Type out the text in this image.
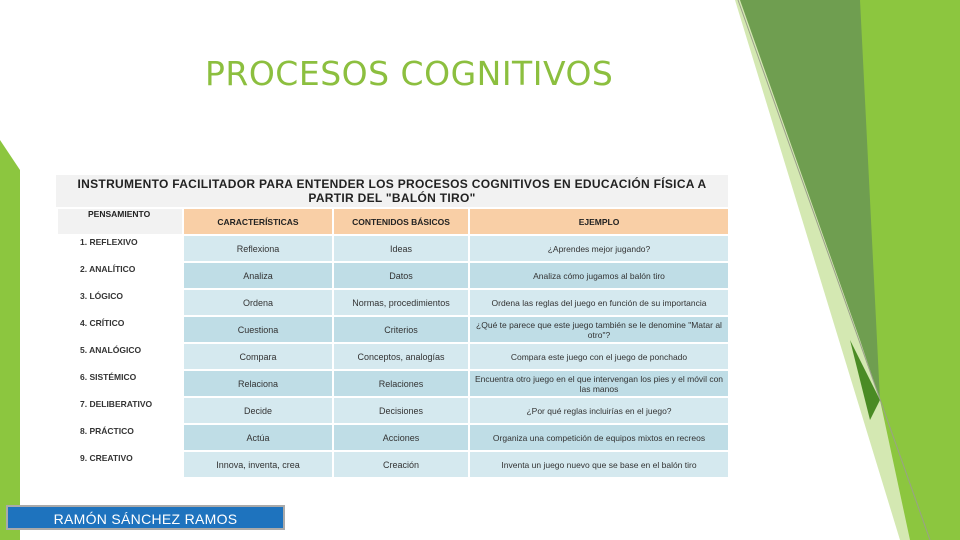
PROCESOS COGNITIVOS
INSTRUMENTO FACILITADOR PARA ENTENDER LOS PROCESOS COGNITIVOS EN EDUCACIÓN FÍSICA A PARTIR DEL "BALÓN TIRO"
PENSAMIENTO	CARACTERÍSTICAS	CONTENIDOS BÁSICOS	EJEMPLO
1. REFLEXIVO	Reflexiona	Ideas	¿Aprendes mejor jugando?
2. ANALÍTICO	Analiza	Datos	Analiza cómo jugamos al balón tiro
3. LÓGICO	Ordena	Normas, procedimientos	Ordena las reglas del juego en función de su importancia
4. CRÍTICO	Cuestiona	Criterios	¿Qué te parece que este juego también se le denomine "Matar al otro"?
5. ANALÓGICO	Compara	Conceptos, analogías	Compara este juego con el juego de ponchado
6. SISTÉMICO	Relaciona	Relaciones	Encuentra otro juego en el que intervengan los pies y el móvil con las manos
7. DELIBERATIVO	Decide	Decisiones	¿Por qué reglas incluirías en el juego?
8. PRÁCTICO	Actúa	Acciones	Organiza una competición de equipos mixtos en recreos
9. CREATIVO	Innova, inventa, crea	Creación	Inventa un juego nuevo que se base en el balón tiro
RAMÓN SÁNCHEZ RAMOS
